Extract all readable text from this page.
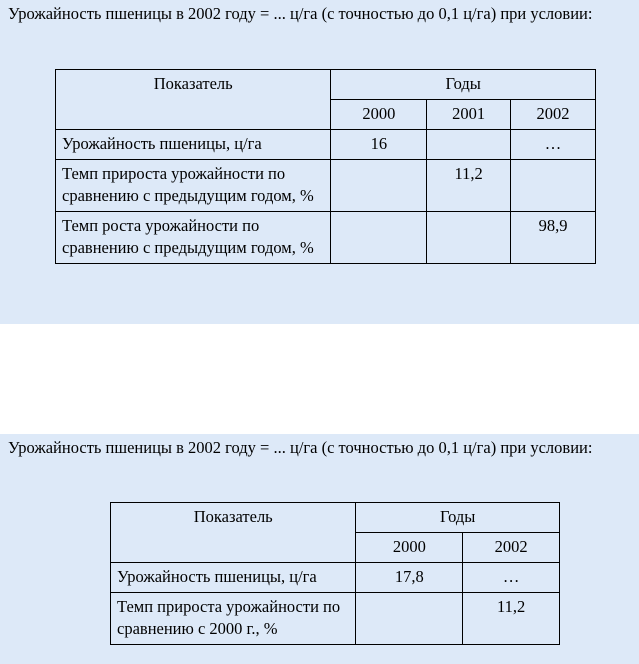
Урожайность пшеницы в 2002 году = ... ц/га (с точностью до 0,1 ц/га) при условии:

Показатель	Годы		
	2000	2001	2002
Урожайность пшеницы, ц/га	16		…
Темп прироста урожайности по сравнению с предыдущим годом, %		11,2	
Темп роста урожайности по сравнению с предыдущим годом, %			98,9

Урожайность пшеницы в 2002 году = ... ц/га (с точностью до 0,1 ц/га) при условии:

Показатель	Годы	
	2000	2002
Урожайность пшеницы, ц/га	17,8	…
Темп прироста урожайности по сравнению с 2000 г., %		11,2
